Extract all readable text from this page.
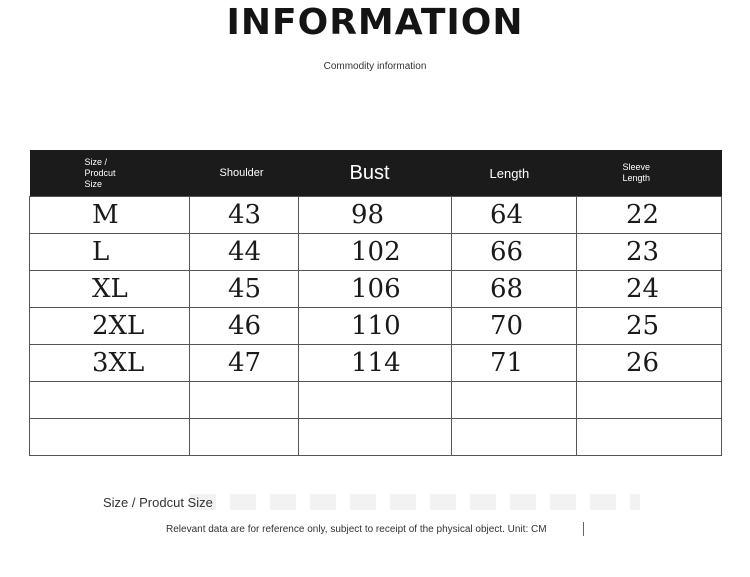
INFORMATION
Commodity information
Size / Prodcut Size	Shoulder	Bust	Length	Sleeve Length
M	43	98	64	22
L	44	102	66	23
XL	45	106	68	24
2XL	46	110	70	25
3XL	47	114	71	26

Size / Prodcut Size
Relevant data are for reference only, subject to receipt of the physical object. Unit: CM
